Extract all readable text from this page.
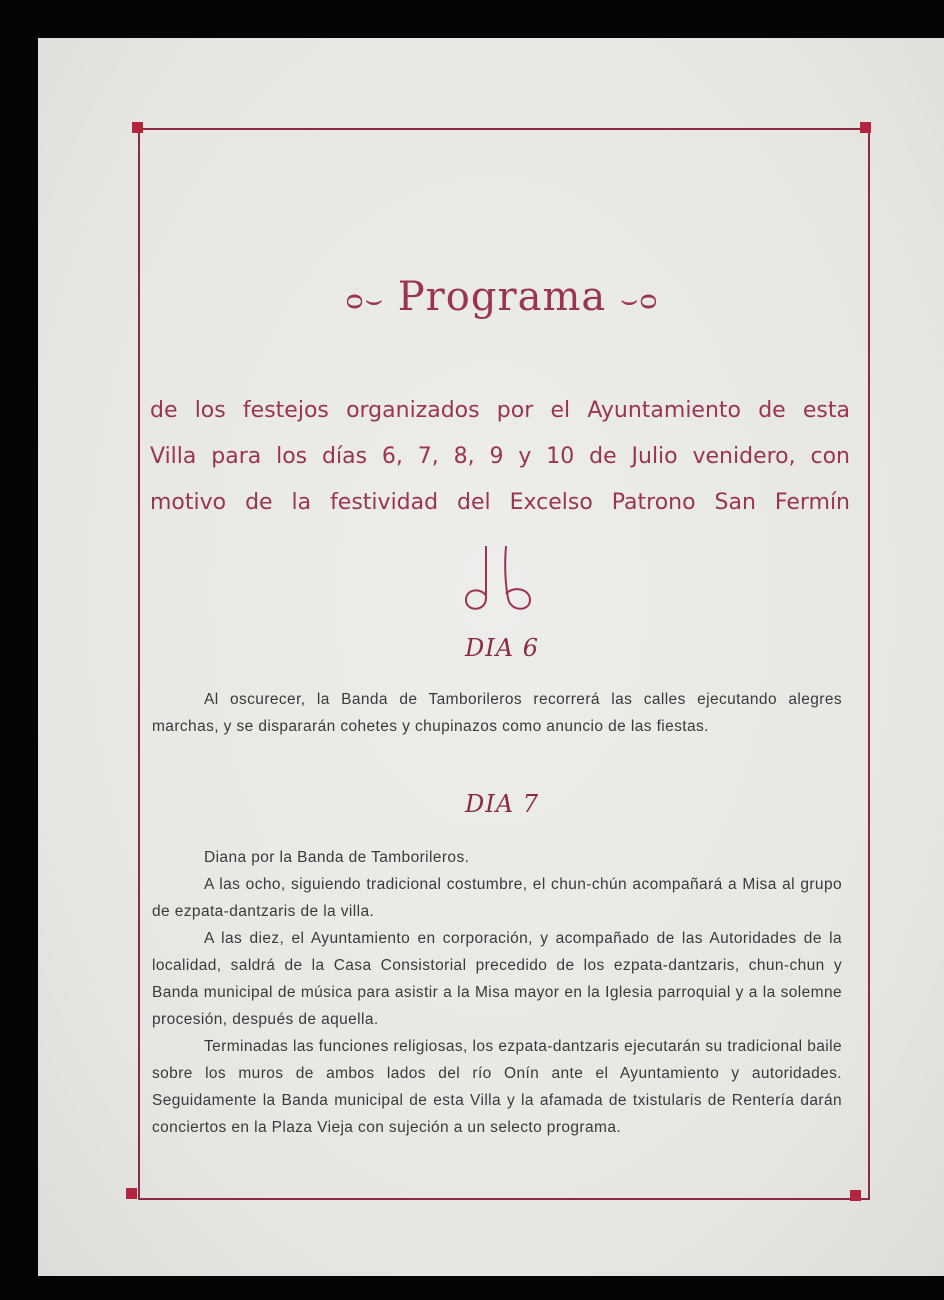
ᴑ⌣ Programa ⌣ᴑ
de los festejos organizados por el Ayuntamiento de esta
Villa para los días 6, 7, 8, 9 y 10 de Julio venidero, con
motivo de la festividad del Excelso Patrono San Fermín
DIA 6
Al oscurecer, la Banda de Tamborileros recorrerá las calles ejecutando alegres marchas, y se dispararán cohetes y chupinazos como anuncio de las fiestas.
DIA 7
Diana por la Banda de Tamborileros.
A las ocho, siguiendo tradicional costumbre, el chun-chún acompañará a Misa al grupo de ezpata-dantzaris de la villa.
A las diez, el Ayuntamiento en corporación, y acompañado de las Autoridades de la localidad, saldrá de la Casa Consistorial precedido de los ezpata-dantzaris, chun-chun y Banda municipal de música para asistir a la Misa mayor en la Iglesia parroquial y a la solemne procesión, después de aquella.
Terminadas las funciones religiosas, los ezpata-dantzaris ejecutarán su tradicional baile sobre los muros de ambos lados del río Onín ante el Ayuntamiento y autoridades. Seguidamente la Banda municipal de esta Villa y la afamada de txistularis de Rentería darán conciertos en la Plaza Vieja con sujeción a un selecto programa.
